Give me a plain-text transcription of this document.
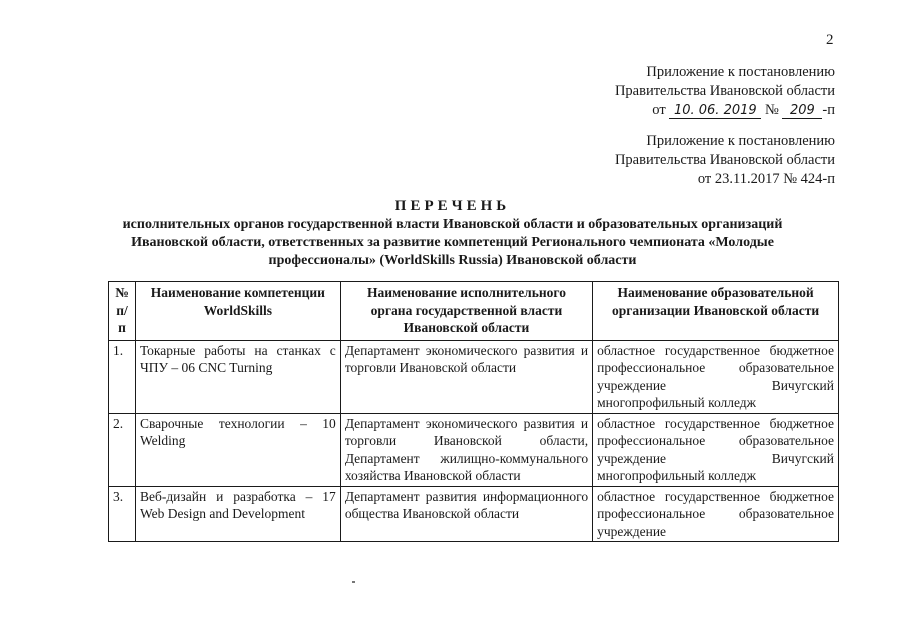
2
Приложение к постановлению
Правительства Ивановской области
от 10. 06. 2019 № 209 -п
Приложение к постановлению
Правительства Ивановской области
от 23.11.2017 № 424-п
ПЕРЕЧЕНЬ
исполнительных органов государственной власти Ивановской области и образовательных организаций Ивановской области, ответственных за развитие компетенций Регионального чемпионата «Молодые профессионалы» (WorldSkills Russia) Ивановской области
№ п/п	Наименование компетенции WorldSkills	Наименование исполнительного органа государственной власти Ивановской области	Наименование образовательной организации Ивановской области
1.	Токарные работы на станках с ЧПУ – 06 CNC Turning	Департамент экономического развития и торговли Ивановской области	областное государственное бюджетное профессиональное образовательное учреждение Вичугский многопрофильный колледж
2.	Сварочные технологии – 10 Welding	Департамент экономического развития и торговли Ивановской области, Департамент жилищно-коммунального хозяйства Ивановской области	областное государственное бюджетное профессиональное образовательное учреждение Вичугский многопрофильный колледж
3.	Веб-дизайн и разработка – 17 Web Design and Development	Департамент развития информационного общества Ивановской области	областное государственное бюджетное профессиональное образовательное учреждение
